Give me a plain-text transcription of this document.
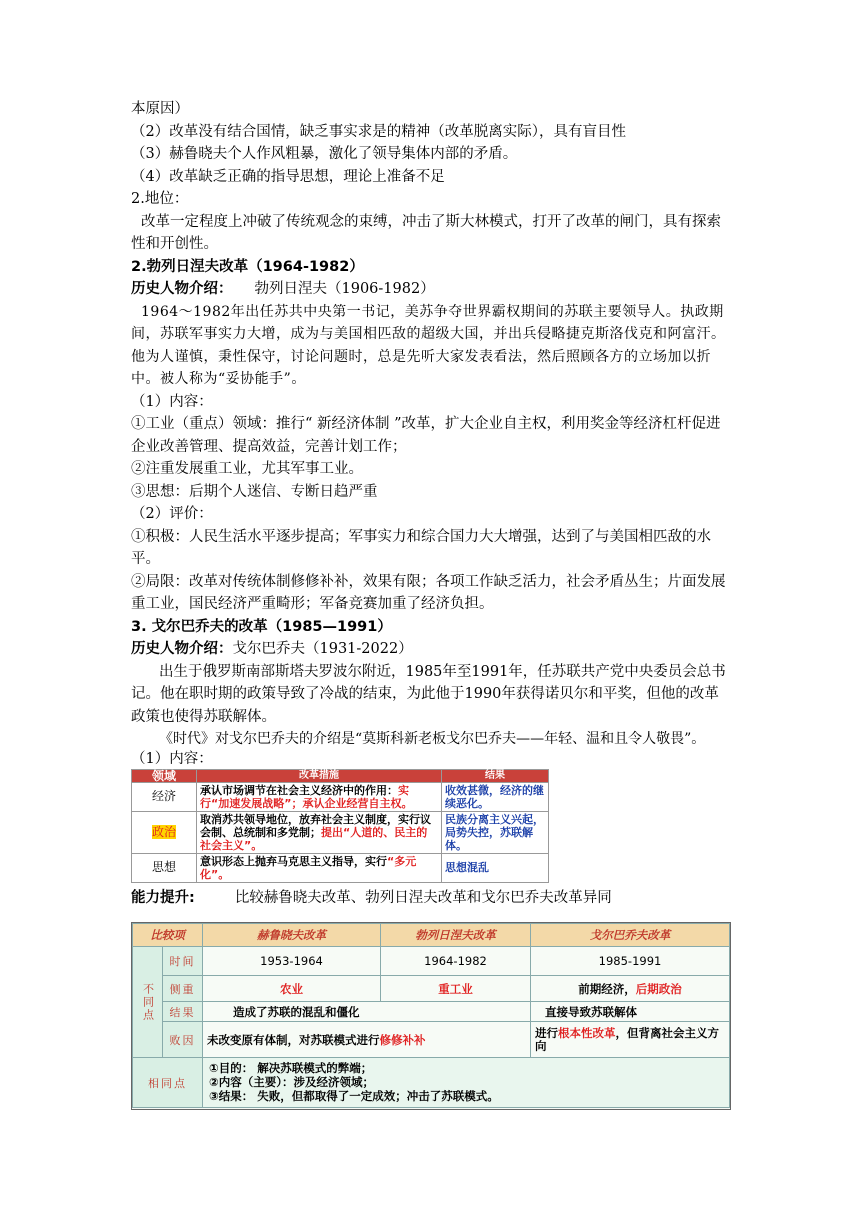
本原因）

（2）改革没有结合国情，缺乏事实求是的精神（改革脱离实际），具有盲目性

（3）赫鲁晓夫个人作风粗暴，激化了领导集体内部的矛盾。

（4）改革缺乏正确的指导思想，理论上准备不足

2.地位：

改革一定程度上冲破了传统观念的束缚，冲击了斯大林模式，打开了改革的闸门，具有探索性和开创性。

2.勃列日涅夫改革（1964-1982）

历史人物介绍： 勃列日涅夫（1906-1982）

1964～1982年出任苏共中央第一书记，美苏争夺世界霸权期间的苏联主要领导人。执政期间，苏联军事实力大增，成为与美国相匹敌的超级大国，并出兵侵略捷克斯洛伐克和阿富汗。他为人谨慎，秉性保守，讨论问题时，总是先听大家发表看法，然后照顾各方的立场加以折中。被人称为“妥协能手”。

（1）内容：

①工业（重点）领域：推行“ 新经济体制 ”改革，扩大企业自主权，利用奖金等经济杠杆促进企业改善管理、提高效益，完善计划工作；

②注重发展重工业，尤其军事工业。

③思想：后期个人迷信、专断日趋严重

（2）评价：

①积极：人民生活水平逐步提高；军事实力和综合国力大大增强，达到了与美国相匹敌的水平。

②局限：改革对传统体制修修补补，效果有限；各项工作缺乏活力，社会矛盾丛生；片面发展重工业，国民经济严重畸形；军备竞赛加重了经济负担。

3. 戈尔巴乔夫的改革（1985—1991）

历史人物介绍：戈尔巴乔夫（1931-2022）

出生于俄罗斯南部斯塔夫罗波尔附近，1985年至1991年，任苏联共产党中央委员会总书记。他在职时期的政策导致了冷战的结束，为此他于1990年获得诺贝尔和平奖，但他的改革政策也使得苏联解体。

《时代》对戈尔巴乔夫的介绍是“莫斯科新老板戈尔巴乔夫——年轻、温和且令人敬畏”。

（1）内容：

领域	改革措施	结果
经济	承认市场调节在社会主义经济中的作用：实行“加速发展战略”；承认企业经营自主权。	收效甚微，经济的继续恶化。
政治	取消苏共领导地位，放弃社会主义制度，实行议会制、总统制和多党制；提出“人道的、民主的社会主义”。	民族分离主义兴起，局势失控，苏联解体。
思想	意识形态上抛弃马克思主义指导，实行“多元化”。	思想混乱

能力提升:	比较赫鲁晓夫改革、勃列日涅夫改革和戈尔巴乔夫改革异同

比较项		赫鲁晓夫改革	勃列日涅夫改革	戈尔巴乔夫改革
不同点	时间	1953-1964	1964-1982	1985-1991
	侧重	农业	重工业	前期经济，后期政治
	结果	造成了苏联的混乱和僵化		直接导致苏联解体
	败因	未改变原有体制，对苏联模式进行修修补补		进行根本性改革，但背离社会主义方向
相同点		①目的： 解决苏联模式的弊端；
②内容（主要）：涉及经济领域；
③结果： 失败，但都取得了一定成效；冲击了苏联模式。		
